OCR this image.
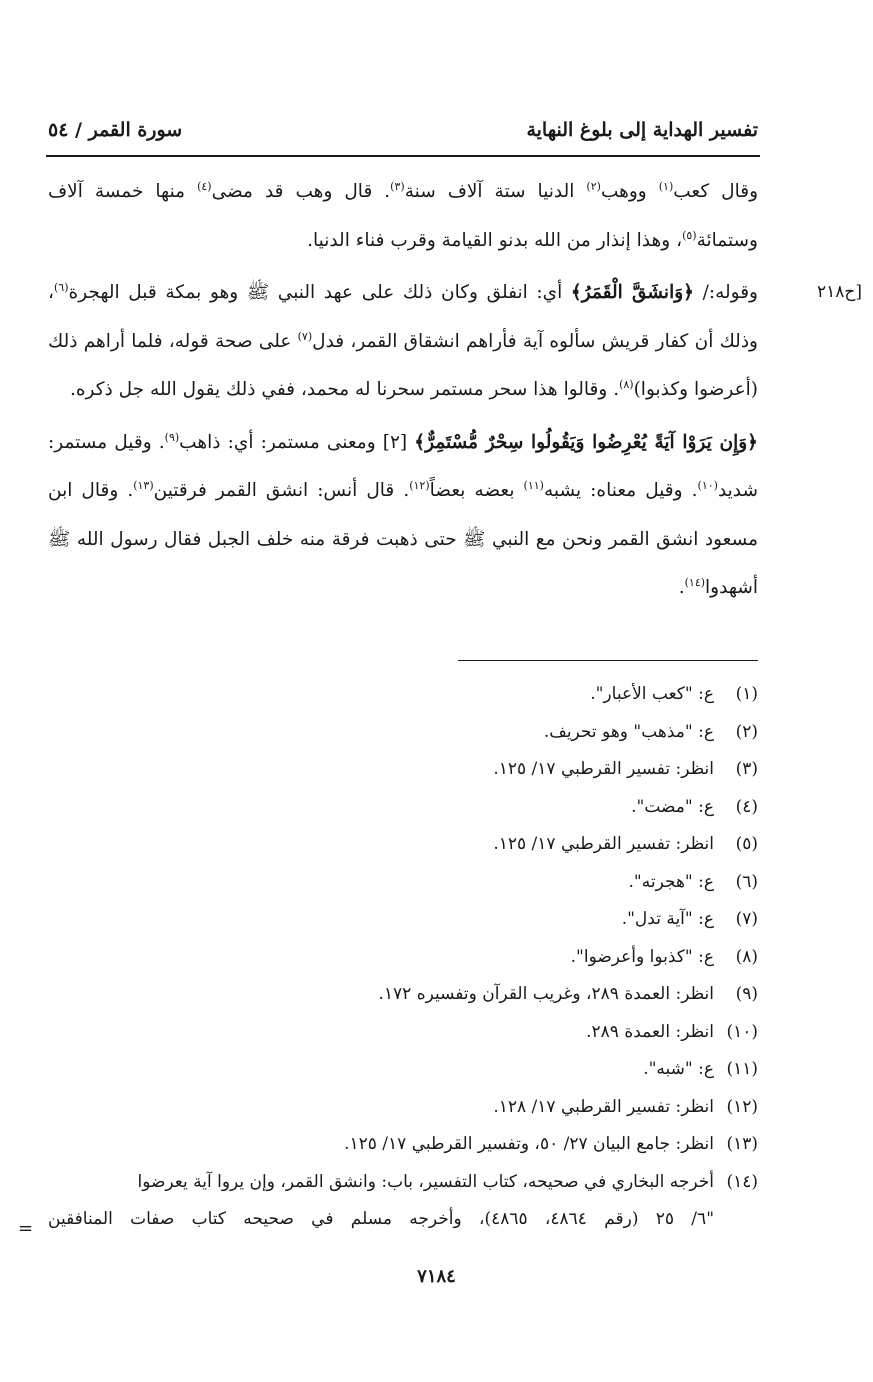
تفسير الهداية إلى بلوغ النهاية
سورة القمر / ٥٤
[ح٢١٨

وقال كعب$^{(١)}$ ووهب$^{(٢)}$ الدنيا ستة آلاف سنة$^{(٣)}$. قال وهب قد مضى$^{(٤)}$ منها خمسة آلاف وستمائة$^{(٥)}$، وهذا إنذار من الله بدنو القيامة وقرب فناء الدنيا.

وقوله:/ ﴿وَانشَقَّ الْقَمَرُ﴾ أي: انفلق وكان ذلك على عهد النبي ﷺ وهو بمكة قبل الهجرة$^{(٦)}$، وذلك أن كفار قريش سألوه آية فأراهم انشقاق القمر، فدل$^{(٧)}$ على صحة قوله، فلما أراهم ذلك (أعرضوا وكذبوا)$^{(٨)}$. وقالوا هذا سحر مستمر سحرنا له محمد، ففي ذلك يقول الله جل ذكره.

﴿وَإِن يَرَوْا آيَةً يُعْرِضُوا وَيَقُولُوا سِحْرٌ مُّسْتَمِرٌّ﴾ [٢] ومعنى مستمر: أي: ذاهب$^{(٩)}$. وقيل مستمر: شديد$^{(١٠)}$. وقيل معناه: يشبه$^{(١١)}$ بعضه بعضاً$^{(١٢)}$. قال أنس: انشق القمر فرقتين$^{(١٣)}$. وقال ابن مسعود انشق القمر ونحن مع النبي ﷺ حتى ذهبت فرقة منه خلف الجبل فقال رسول الله ﷺ أشهدوا$^{(١٤)}$.

(١)
ع: "كعب الأعبار".
(٢)
ع: "مذهب" وهو تحريف.
(٣)
انظر: تفسير القرطبي ١٧/ ١٢٥.
(٤)
ع: "مضت".
(٥)
انظر: تفسير القرطبي ١٧/ ١٢٥.
(٦)
ع: "هجرته".
(٧)
ع: "آية تدل".
(٨)
ع: "كذبوا وأعرضوا".
(٩)
انظر: العمدة ٢٨٩، وغريب القرآن وتفسيره ١٧٢.
(١٠)
انظر: العمدة ٢٨٩.
(١١)
ع: "شبه".
(١٢)
انظر: تفسير القرطبي ١٧/ ١٢٨.
(١٣)
انظر: جامع البيان ٢٧/ ٥٠، وتفسير القرطبي ١٧/ ١٢٥.
(١٤)
أخرجه البخاري في صحيحه، كتاب التفسير، باب: وانشق القمر، وإن يروا آية يعرضوا
"٦/ ٢٥ (رقم ٤٨٦٤، ٤٨٦٥)، وأخرجه مسلم في صحيحه كتاب صفات المنافقين
=
٧١٨٤
